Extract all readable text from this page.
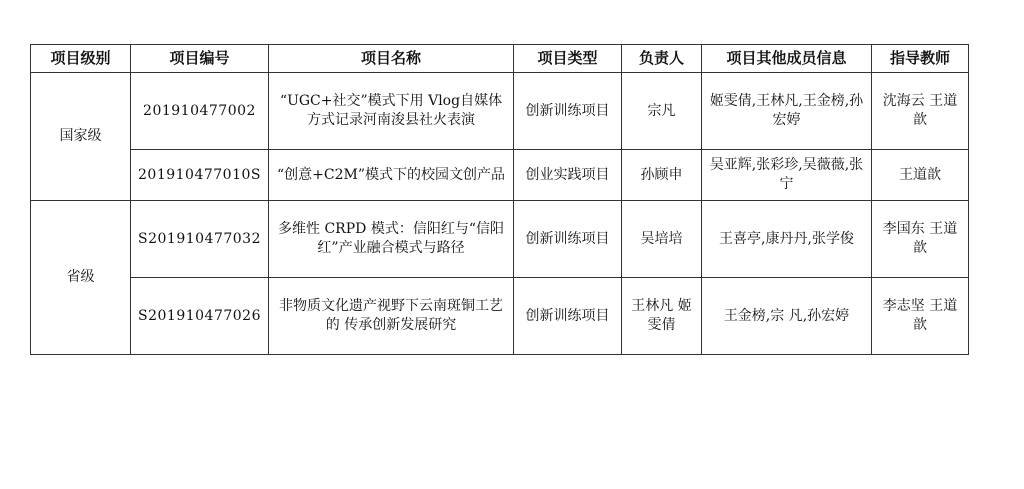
项目级别	项目编号	项目名称	项目类型	负责人	项目其他成员信息	指导教师
国家级	201910477002	“UGC+社交”模式下用 Vlog自媒体方式记录河南浚县社火表演	创新训练项目	宗凡	姬雯倩,王林凡,王金榜,孙宏婷	沈海云 王道歆
	201910477010S	“创意+C2M”模式下的校园文创产品	创业实践项目	孙顾申	吴亚辉,张彩珍,吴薇薇,张宁	王道歆
省级	S201910477032	多维性 CRPD 模式：信阳红与“信阳红”产业融合模式与路径	创新训练项目	吴培培	王喜亭,康丹丹,张学俊	李国东 王道歆
	S201910477026	非物质文化遗产视野下云南斑铜工艺的 传承创新发展研究	创新训练项目	王林凡 姬雯倩	王金榜,宗 凡,孙宏婷	李志坚 王道歆
